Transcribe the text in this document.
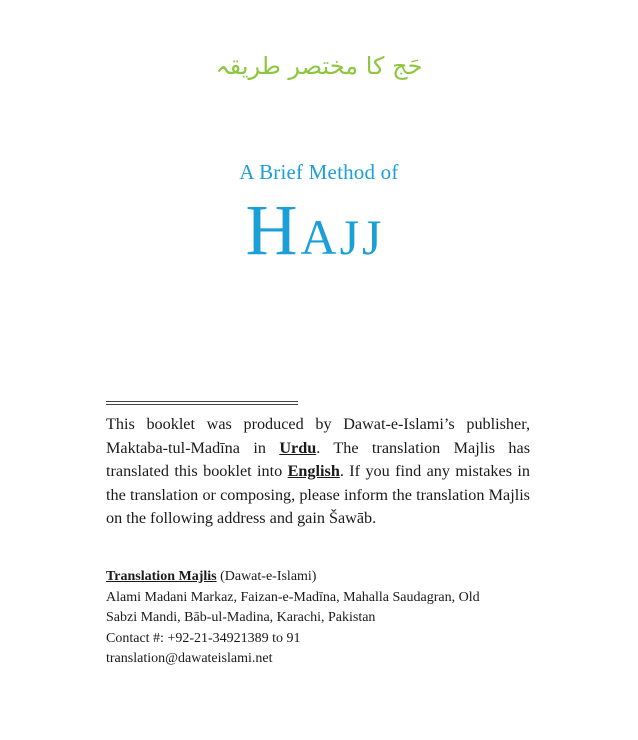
حَج کا مختصر طریقہ
A Brief Method of
Hajj
This booklet was produced by Dawat-e-Islami’s publisher, Maktaba-tul-Madīna in Urdu. The translation Majlis has translated this booklet into English. If you find any mistakes in the translation or composing, please inform the translation Majlis on the following address and gain Šawāb.
Translation Majlis (Dawat-e-Islami)
Alami Madani Markaz, Faizan-e-Madīna, Mahalla Saudagran, Old
Sabzi Mandi, Bāb-ul-Madina, Karachi, Pakistan
Contact #: +92-21-34921389 to 91
translation@dawateislami.net
